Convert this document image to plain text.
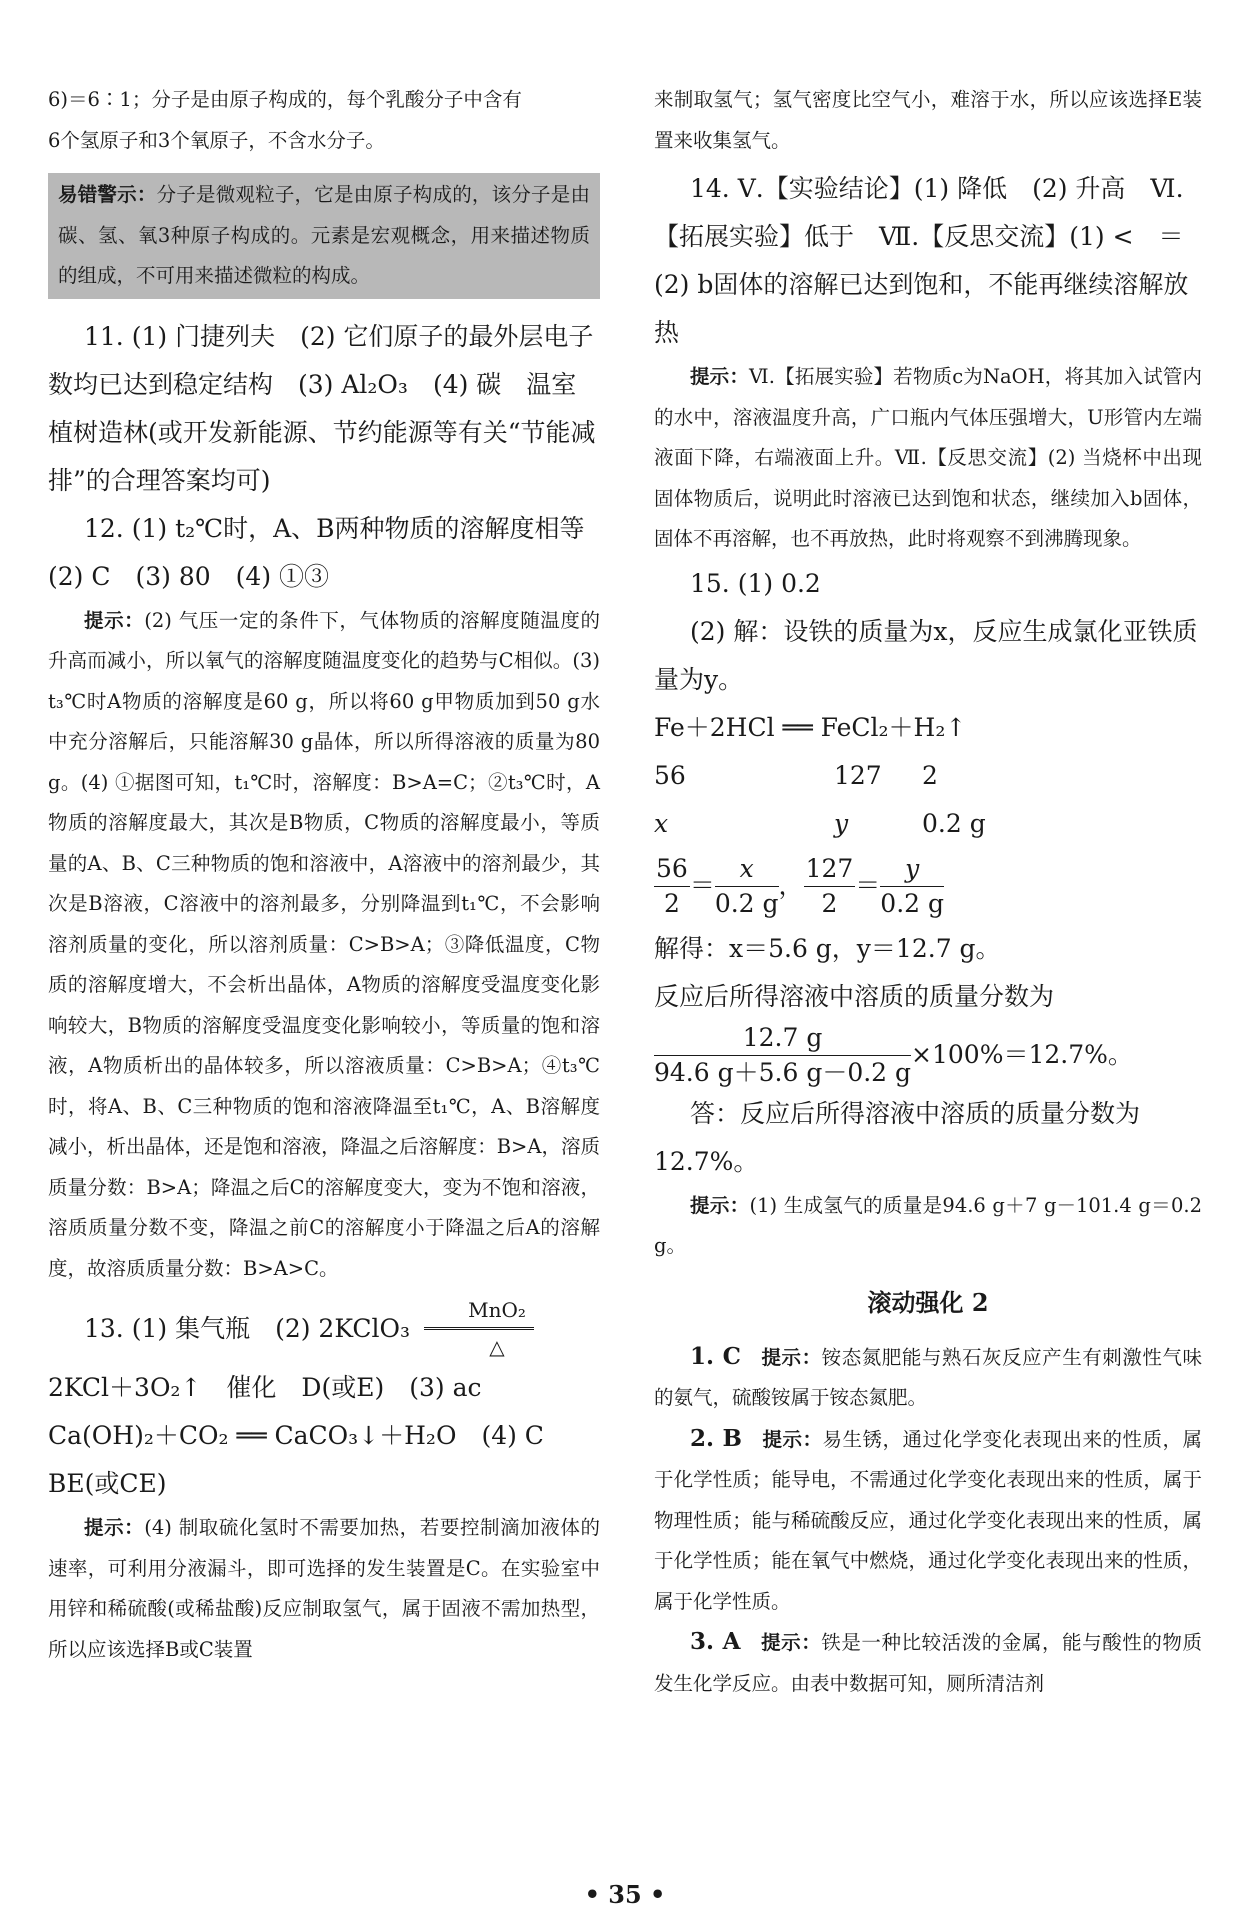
6)＝6∶1；分子是由原子构成的，每个乳酸分子中含有

6个氢原子和3个氧原子，不含水分子。

易错警示：分子是微观粒子，它是由原子构成的，该分子是由碳、氢、氧3种原子构成的。元素是宏观概念，用来描述物质的组成，不可用来描述微粒的构成。

11. (1) 门捷列夫　(2) 它们原子的最外层电子数均已达到稳定结构　(3) Al₂O₃　(4) 碳　温室　植树造林(或开发新能源、节约能源等有关“节能减排”的合理答案均可)

12. (1) t₂℃时，A、B两种物质的溶解度相等　(2) C　(3) 80　(4) ①③

提示：(2) 气压一定的条件下，气体物质的溶解度随温度的升高而减小，所以氧气的溶解度随温度变化的趋势与C相似。(3) t₃℃时A物质的溶解度是60 g，所以将60 g甲物质加到50 g水中充分溶解后，只能溶解30 g晶体，所以所得溶液的质量为80 g。(4) ①据图可知，t₁℃时，溶解度：B>A=C；②t₃℃时，A物质的溶解度最大，其次是B物质，C物质的溶解度最小，等质量的A、B、C三种物质的饱和溶液中，A溶液中的溶剂最少，其次是B溶液，C溶液中的溶剂最多，分别降温到t₁℃，不会影响溶剂质量的变化，所以溶剂质量：C>B>A；③降低温度，C物质的溶解度增大，不会析出晶体，A物质的溶解度受温度变化影响较大，B物质的溶解度受温度变化影响较小，等质量的饱和溶液，A物质析出的晶体较多，所以溶液质量：C>B>A；④t₃℃时，将A、B、C三种物质的饱和溶液降温至t₁℃，A、B溶解度减小，析出晶体，还是饱和溶液，降温之后溶解度：B>A，溶质质量分数：B>A；降温之后C的溶解度变大，变为不饱和溶液，溶质质量分数不变，降温之前C的溶解度小于降温之后A的溶解度，故溶质质量分数：B>A>C。

13. (1) 集气瓶　(2) 2KClO₃ $\frac{\text{MnO₂}}{\triangle}$

2KCl＋3O₂↑　催化　D(或E)　(3) ac

Ca(OH)₂＋CO₂ ══ CaCO₃↓＋H₂O　(4) C

BE(或CE)

提示：(4) 制取硫化氢时不需要加热，若要控制滴加液体的速率，可利用分液漏斗，即可选择的发生装置是C。在实验室中用锌和稀硫酸(或稀盐酸)反应制取氢气，属于固液不需加热型，所以应该选择B或C装置

来制取氢气；氢气密度比空气小，难溶于水，所以应该选择E装置来收集氢气。

14. Ⅴ.【实验结论】(1) 降低　(2) 升高　Ⅵ.【拓展实验】低于　Ⅶ.【反思交流】(1) <　＝　(2) b固体的溶解已达到饱和，不能再继续溶解放热

提示：Ⅵ.【拓展实验】若物质c为NaOH，将其加入试管内的水中，溶液温度升高，广口瓶内气体压强增大，U形管内左端液面下降，右端液面上升。Ⅶ.【反思交流】(2) 当烧杯中出现固体物质后，说明此时溶液已达到饱和状态，继续加入b固体，固体不再溶解，也不再放热，此时将观察不到沸腾现象。

15. (1) 0.2

(2) 解：设铁的质量为x，反应生成氯化亚铁质量为y。

Fe＋2HCl ══ FeCl₂＋H₂↑

56	127	2
x	y	0.2 g
$\frac{56}{2} = \frac{x}{0.2 g}$ ， $\frac{127}{2} = \frac{y}{0.2 g}$

解得：x＝5.6 g，y＝12.7 g。

反应后所得溶液中溶质的质量分数为

$\frac{12.7 g}{94.6 g+5.6 g-0.2 g} \times 100\%=12.7\%$。

答：反应后所得溶液中溶质的质量分数为12.7%。

提示：(1) 生成氢气的质量是94.6 g＋7 g－101.4 g＝0.2 g。

滚动强化 2

1. C　 提示：铵态氮肥能与熟石灰反应产生有刺激性气味的氨气，硫酸铵属于铵态氮肥。

2. B　 提示：易生锈，通过化学变化表现出来的性质，属于化学性质；能导电，不需通过化学变化表现出来的性质，属于物理性质；能与稀硫酸反应，通过化学变化表现出来的性质，属于化学性质；能在氧气中燃烧，通过化学变化表现出来的性质，属于化学性质。

3. A　 提示：铁是一种比较活泼的金属，能与酸性的物质发生化学反应。由表中数据可知，厕所清洁剂

• 35 •
